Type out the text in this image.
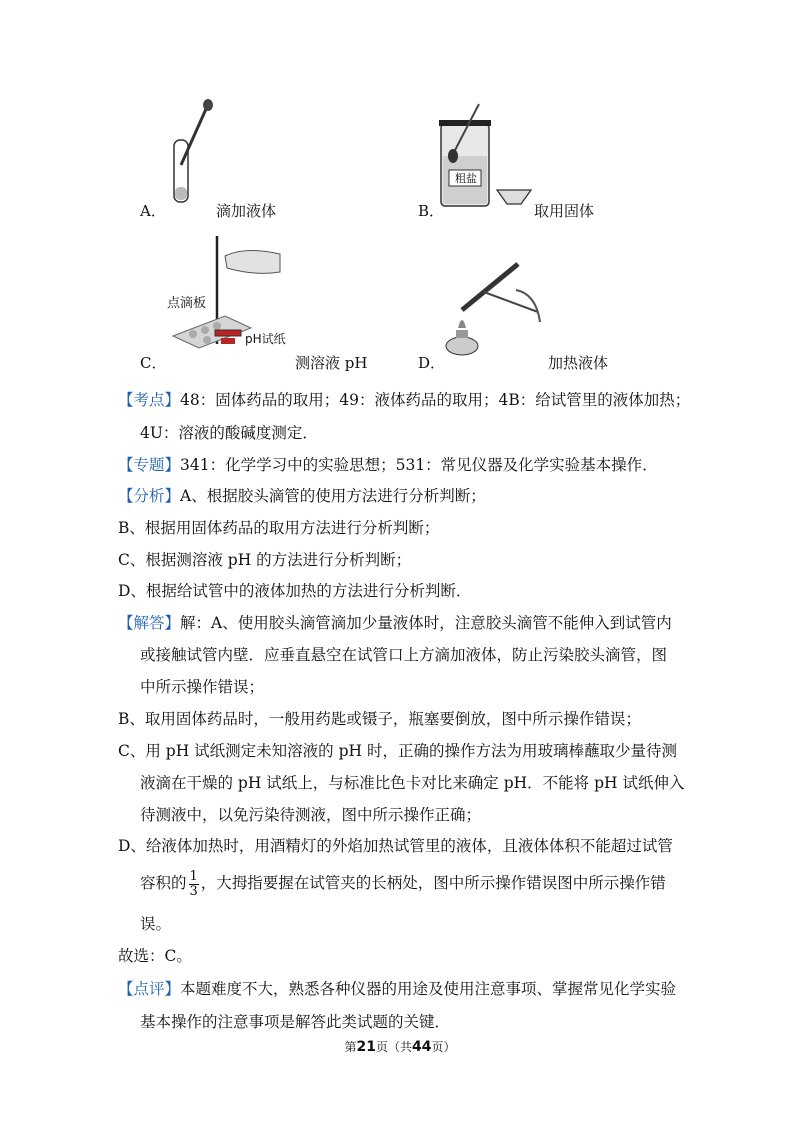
A．	滴加液体
粗盐
B．	取用固体
点滴板
pH试纸
C．	测溶液 pH	D．	加热液体
【考点】48：固体药品的取用；49：液体药品的取用；4B：给试管里的液体加热；
4U：溶液的酸碱度测定．
【专题】341：化学学习中的实验思想；531：常见仪器及化学实验基本操作．
【分析】A、根据胶头滴管的使用方法进行分析判断；
B、根据用固体药品的取用方法进行分析判断；
C、根据测溶液 pH 的方法进行分析判断；
D、根据给试管中的液体加热的方法进行分析判断．
【解答】解：A、使用胶头滴管滴加少量液体时，注意胶头滴管不能伸入到试管内
或接触试管内壁．应垂直悬空在试管口上方滴加液体，防止污染胶头滴管，图
中所示操作错误；
B、取用固体药品时，一般用药匙或镊子，瓶塞要倒放，图中所示操作错误；
C、用 pH 试纸测定未知溶液的 pH 时，正确的操作方法为用玻璃棒蘸取少量待测
液滴在干燥的 pH 试纸上，与标准比色卡对比来确定 pH．不能将 pH 试纸伸入
待测液中，以免污染待测液，图中所示操作正确；
D、给液体加热时，用酒精灯的外焰加热试管里的液体，且液体体积不能超过试管
容积的 $\frac{1}{3}$ ，大拇指要握在试管夹的长柄处，图中所示操作错误图中所示操作错
误。
故选：C。
【点评】本题难度不大，熟悉各种仪器的用途及使用注意事项、掌握常见化学实验
基本操作的注意事项是解答此类试题的关键．
第21页（共44页）
